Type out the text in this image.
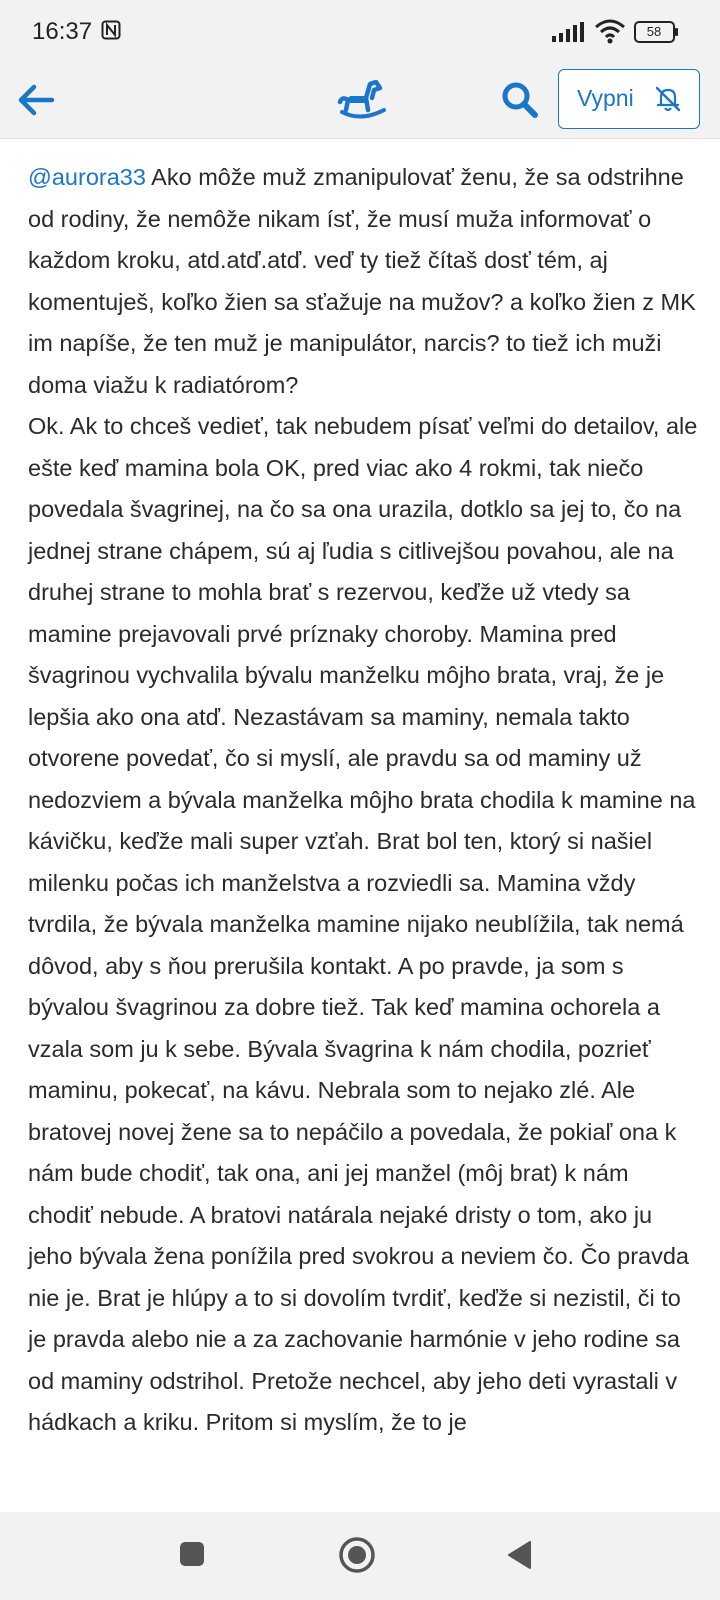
16:37	58
Vypni

@aurora33 Ako môže muž zmanipulovať ženu, že sa odstrihne od rodiny, že nemôže nikam ísť, že musí muža informovať o každom kroku, atd.atď.atď. veď ty tiež čítaš dosť tém, aj komentuješ, koľko žien sa sťažuje na mužov? a koľko žien z MK im napíše, že ten muž je manipulátor, narcis? to tiež ich muži doma viažu k radiatórom?
Ok. Ak to chceš vedieť, tak nebudem písať veľmi do detailov, ale ešte keď mamina bola OK, pred viac ako 4 rokmi, tak niečo povedala švagrinej, na čo sa ona urazila, dotklo sa jej to, čo na jednej strane chápem, sú aj ľudia s citlivejšou povahou, ale na druhej strane to mohla brať s rezervou, keďže už vtedy sa mamine prejavovali prvé príznaky choroby. Mamina pred švagrinou vychvalila bývalu manželku môjho brata, vraj, že je lepšia ako ona atď. Nezastávam sa maminy, nemala takto otvorene povedať, čo si myslí, ale pravdu sa od maminy už nedozviem a bývala manželka môjho brata chodila k mamine na kávičku, keďže mali super vzťah. Brat bol ten, ktorý si našiel milenku počas ich manželstva a rozviedli sa. Mamina vždy tvrdila, že bývala manželka mamine nijako neublížila, tak nemá dôvod, aby s ňou prerušila kontakt. A po pravde, ja som s bývalou švagrinou za dobre tiež. Tak keď mamina ochorela a vzala som ju k sebe. Bývala švagrina k nám chodila, pozrieť maminu, pokecať, na kávu. Nebrala som to nejako zlé. Ale bratovej novej žene sa to nepáčilo a povedala, že pokiaľ ona k nám bude chodiť, tak ona, ani jej manžel (môj brat) k nám chodiť nebude. A bratovi natárala nejaké dristy o tom, ako ju jeho bývala žena ponížila pred svokrou a neviem čo. Čo pravda nie je. Brat je hlúpy a to si dovolím tvrdiť, keďže si nezistil, či to je pravda alebo nie a za zachovanie harmónie v jeho rodine sa od maminy odstrihol. Pretože nechcel, aby jeho deti vyrastali v hádkach a kriku. Pritom si myslím, že to je
